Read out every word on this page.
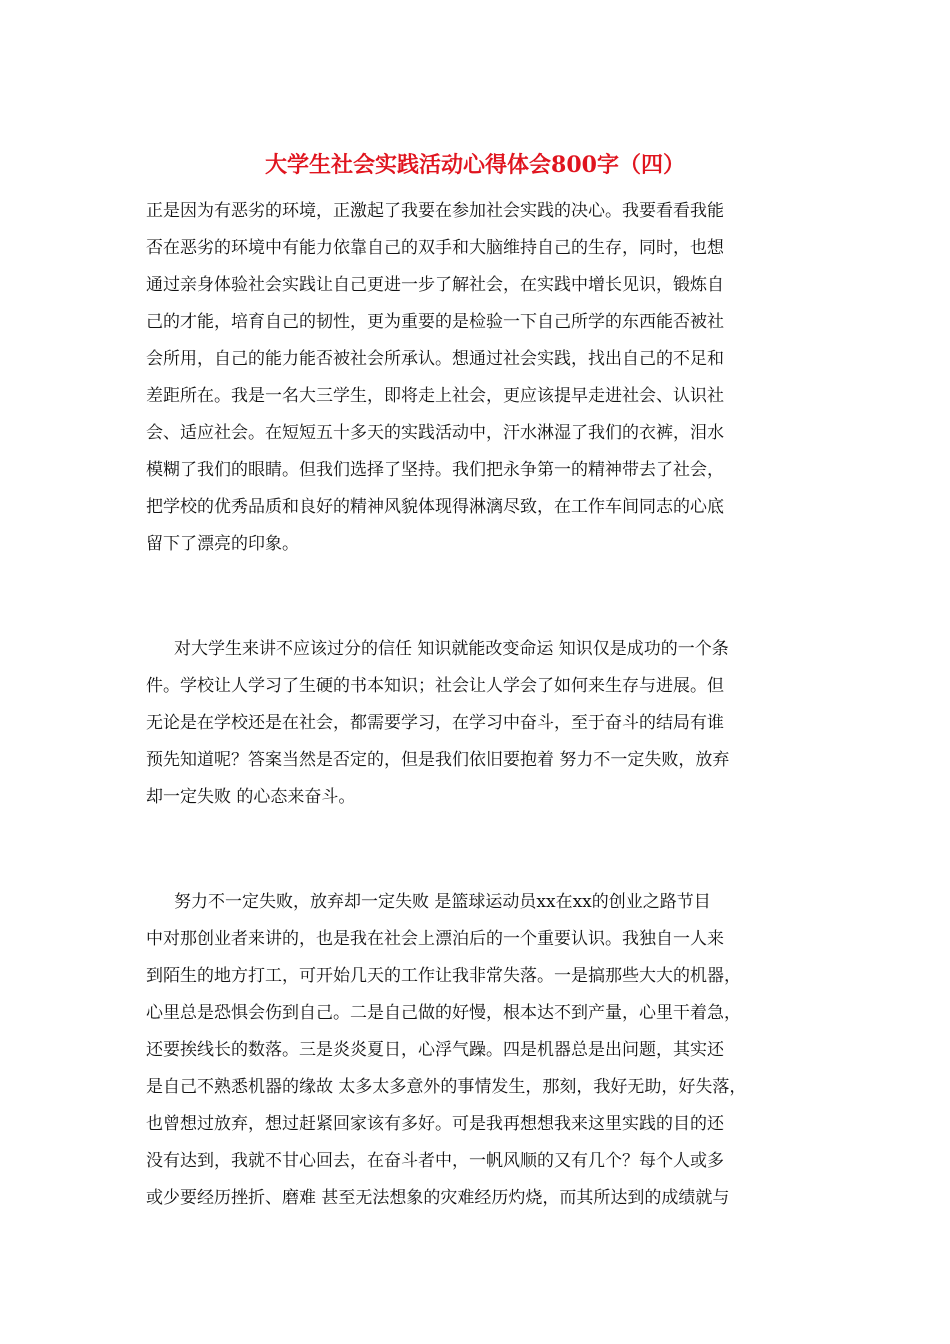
大学生社会实践活动心得体会800字（四）
正是因为有恶劣的环境，正激起了我要在参加社会实践的决心。我要看看我能
否在恶劣的环境中有能力依靠自己的双手和大脑维持自己的生存，同时，也想
通过亲身体验社会实践让自己更进一步了解社会，在实践中增长见识，锻炼自
己的才能，培育自己的韧性，更为重要的是检验一下自己所学的东西能否被社
会所用，自己的能力能否被社会所承认。想通过社会实践，找出自己的不足和
差距所在。我是一名大三学生，即将走上社会，更应该提早走进社会、认识社
会、适应社会。在短短五十多天的实践活动中，汗水淋湿了我们的衣裤，泪水
模糊了我们的眼睛。但我们选择了坚持。我们把永争第一的精神带去了社会，
把学校的优秀品质和良好的精神风貌体现得淋漓尽致，在工作车间同志的心底
留下了漂亮的印象。
对大学生来讲不应该过分的信任 知识就能改变命运 知识仅是成功的一个条
件。学校让人学习了生硬的书本知识；社会让人学会了如何来生存与进展。但
无论是在学校还是在社会，都需要学习，在学习中奋斗，至于奋斗的结局有谁
预先知道呢？答案当然是否定的，但是我们依旧要抱着 努力不一定失败，放弃
却一定失败 的心态来奋斗。
努力不一定失败，放弃却一定失败 是篮球运动员xx在xx的创业之路节目
中对那创业者来讲的，也是我在社会上漂泊后的一个重要认识。我独自一人来
到陌生的地方打工，可开始几天的工作让我非常失落。一是搞那些大大的机器，
心里总是恐惧会伤到自己。二是自己做的好慢，根本达不到产量，心里干着急，
还要挨线长的数落。三是炎炎夏日，心浮气躁。四是机器总是出问题，其实还
是自己不熟悉机器的缘故 太多太多意外的事情发生，那刻，我好无助，好失落，
也曾想过放弃，想过赶紧回家该有多好。可是我再想想我来这里实践的目的还
没有达到，我就不甘心回去，在奋斗者中，一帆风顺的又有几个？每个人或多
或少要经历挫折、磨难 甚至无法想象的灾难经历灼烧，而其所达到的成绩就与
